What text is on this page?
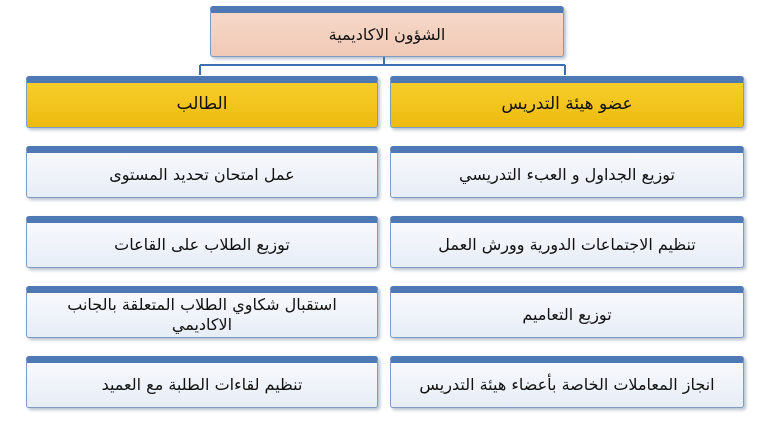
الشؤون الاكاديمية
الطالب	عضو هيئة التدريس
عمل امتحان تحديد المستوى
توزيع الطلاب على القاعات
استقبال شكاوي الطلاب المتعلقة بالجانب الاكاديمي
تنظيم لقاءات الطلبة مع العميد
توزيع الجداول و العبء التدريسي
تنظيم الاجتماعات الدورية وورش العمل
توزيع التعاميم
انجاز المعاملات الخاصة بأعضاء هيئة التدريس
